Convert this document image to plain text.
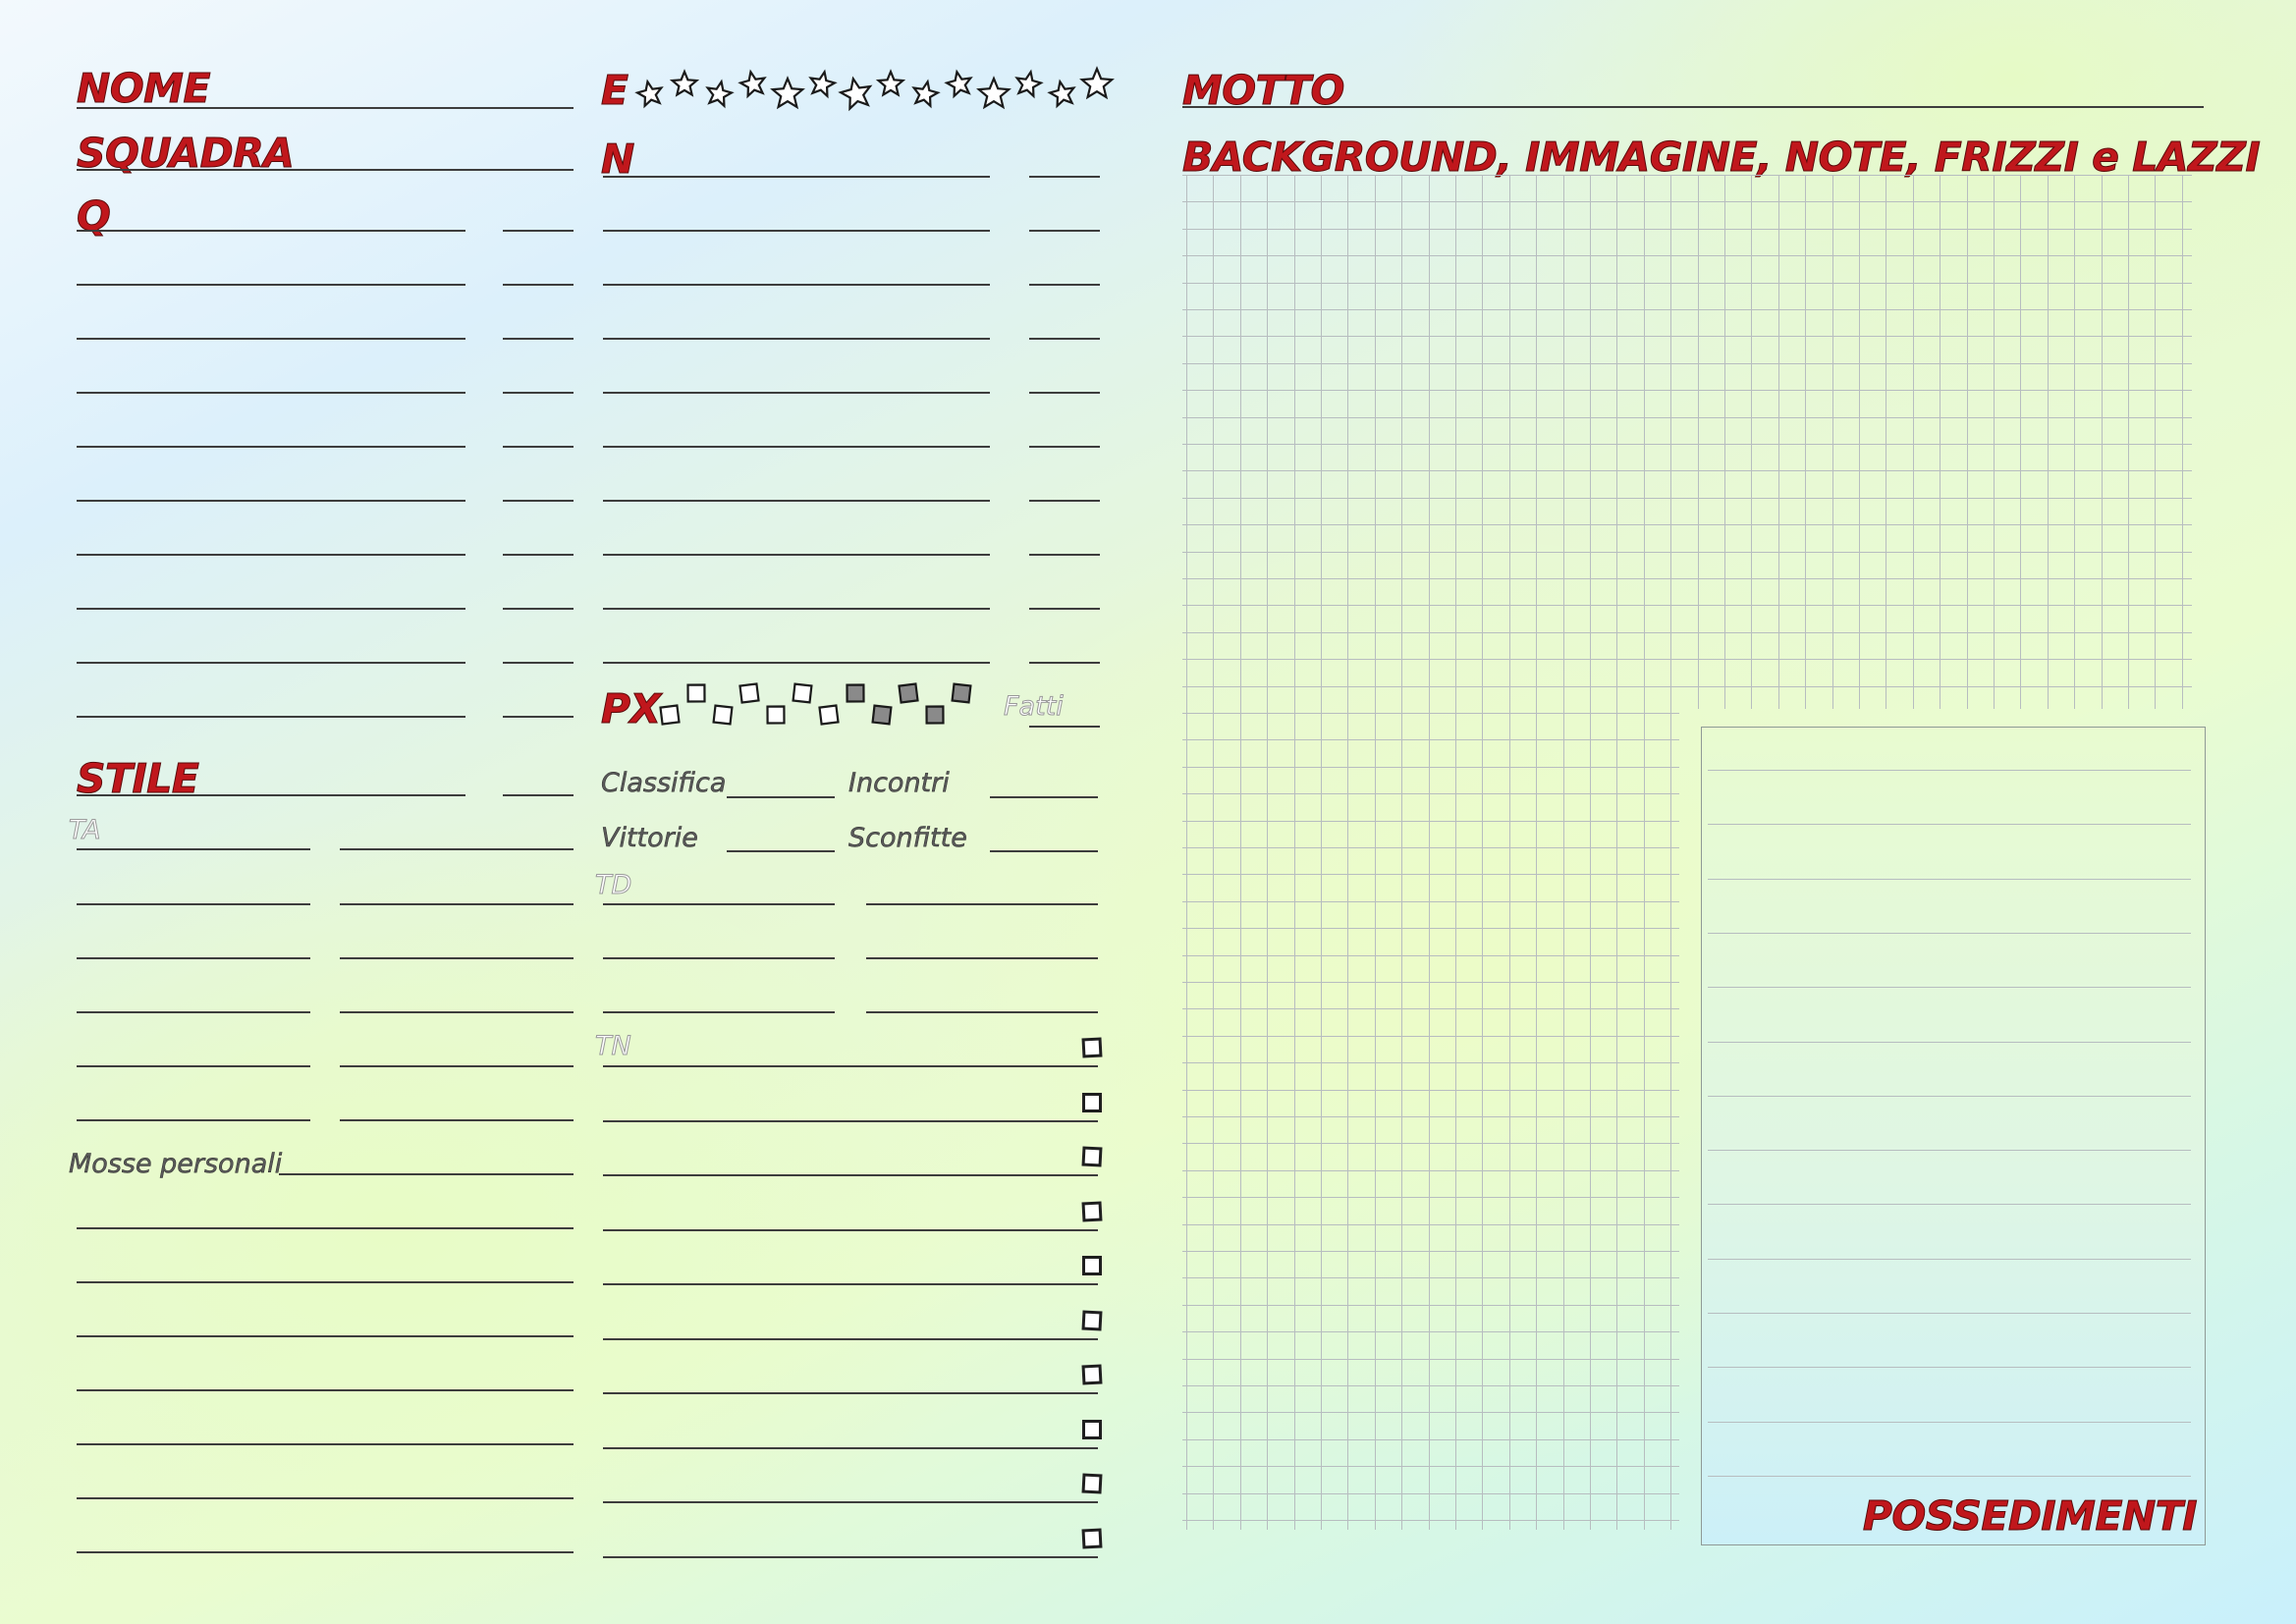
NOME
SQUADRA
Q
STILE
TA
Mosse personali
E
N
PX	Fatti
Classifica	Incontri
Vittorie	Sconfitte
TD
TN
MOTTO
BACKGROUND, IMMAGINE, NOTE, FRIZZI e LAZZI
POSSEDIMENTI
